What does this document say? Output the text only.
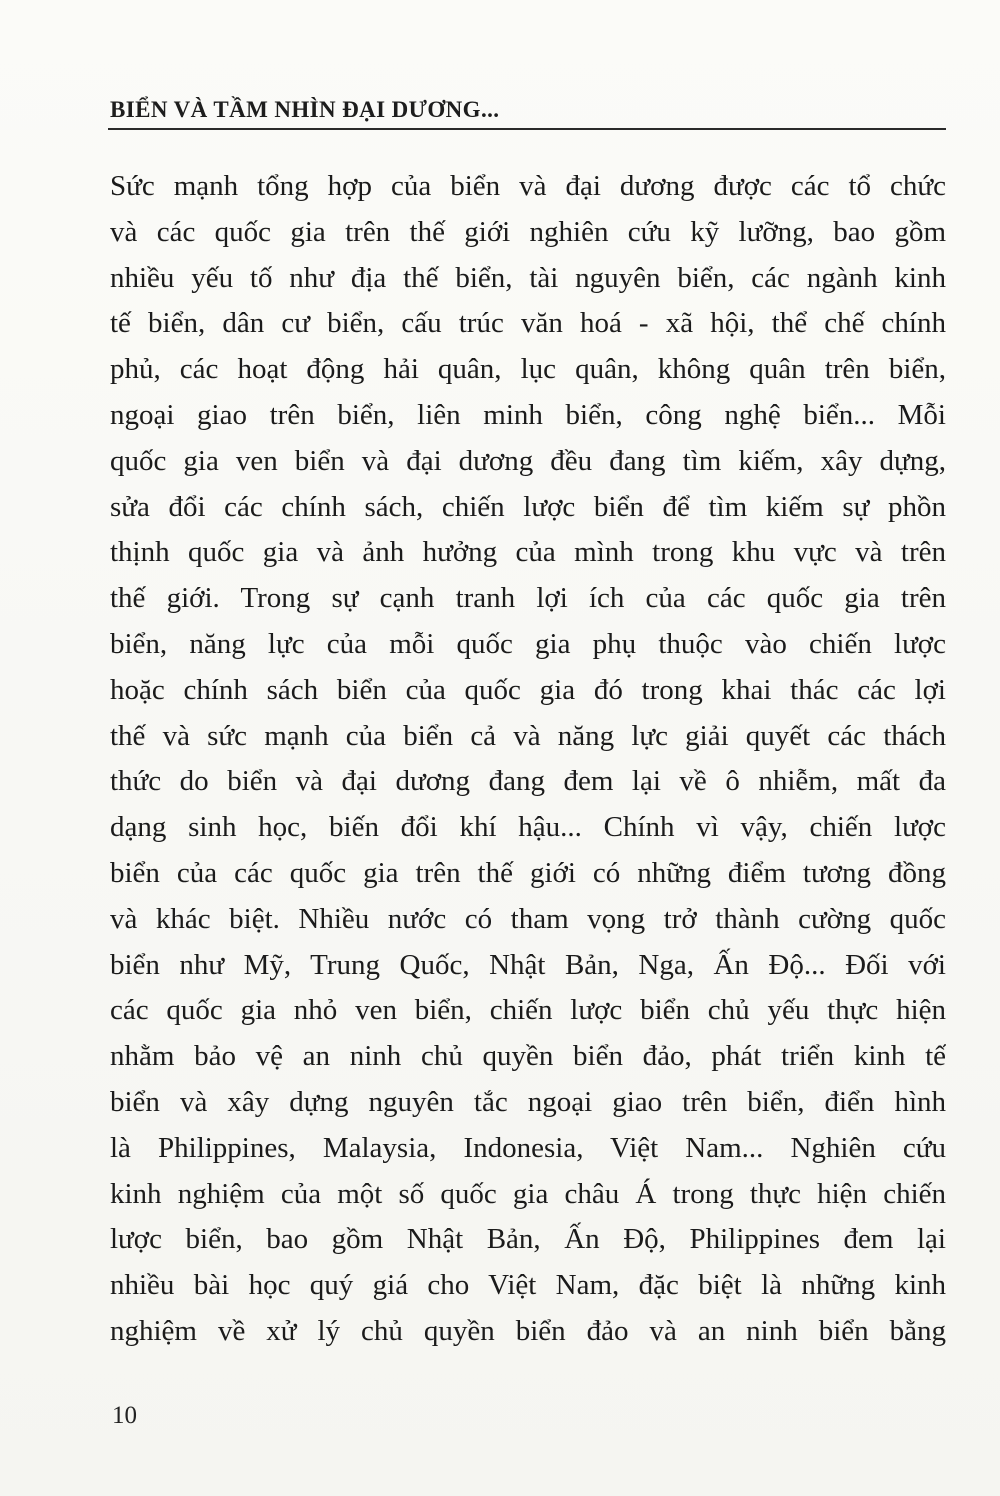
BIỂN VÀ TẦM NHÌN ĐẠI DƯƠNG...

Sức mạnh tổng hợp của biển và đại dương được các tổ chức
và các quốc gia trên thế giới nghiên cứu kỹ lưỡng, bao gồm
nhiều yếu tố như địa thế biển, tài nguyên biển, các ngành kinh
tế biển, dân cư biển, cấu trúc văn hoá - xã hội, thể chế chính
phủ, các hoạt động hải quân, lục quân, không quân trên biển,
ngoại giao trên biển, liên minh biển, công nghệ biển... Mỗi
quốc gia ven biển và đại dương đều đang tìm kiếm, xây dựng,
sửa đổi các chính sách, chiến lược biển để tìm kiếm sự phồn
thịnh quốc gia và ảnh hưởng của mình trong khu vực và trên
thế giới. Trong sự cạnh tranh lợi ích của các quốc gia trên
biển, năng lực của mỗi quốc gia phụ thuộc vào chiến lược
hoặc chính sách biển của quốc gia đó trong khai thác các lợi
thế và sức mạnh của biển cả và năng lực giải quyết các thách
thức do biển và đại dương đang đem lại về ô nhiễm, mất đa
dạng sinh học, biến đổi khí hậu... Chính vì vậy, chiến lược
biển của các quốc gia trên thế giới có những điểm tương đồng
và khác biệt. Nhiều nước có tham vọng trở thành cường quốc
biển như Mỹ, Trung Quốc, Nhật Bản, Nga, Ấn Độ... Đối với
các quốc gia nhỏ ven biển, chiến lược biển chủ yếu thực hiện
nhằm bảo vệ an ninh chủ quyền biển đảo, phát triển kinh tế
biển và xây dựng nguyên tắc ngoại giao trên biển, điển hình
là Philippines, Malaysia, Indonesia, Việt Nam... Nghiên cứu
kinh nghiệm của một số quốc gia châu Á trong thực hiện chiến
lược biển, bao gồm Nhật Bản, Ấn Độ, Philippines đem lại
nhiều bài học quý giá cho Việt Nam, đặc biệt là những kinh
nghiệm về xử lý chủ quyền biển đảo và an ninh biển bằng

10
